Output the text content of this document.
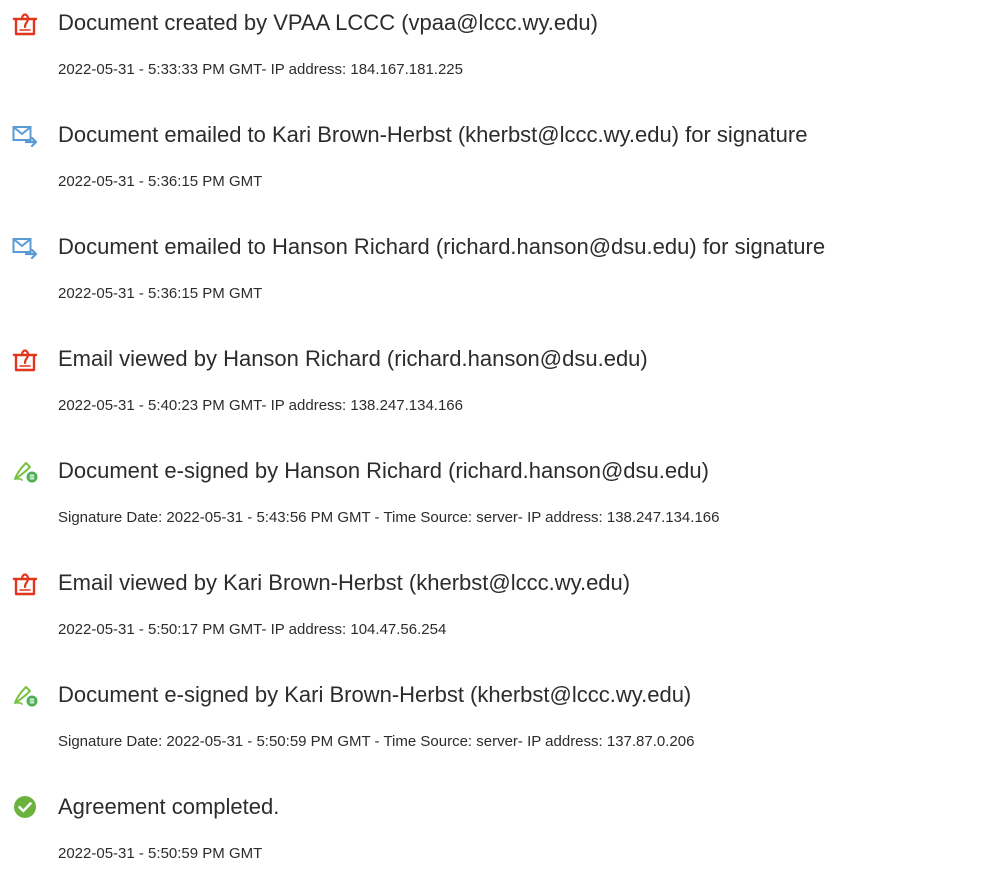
Document created by VPAA LCCC (vpaa@lccc.wy.edu)
2022-05-31 - 5:33:33 PM GMT- IP address: 184.167.181.225
Document emailed to Kari Brown-Herbst (kherbst@lccc.wy.edu) for signature
2022-05-31 - 5:36:15 PM GMT
Document emailed to Hanson Richard (richard.hanson@dsu.edu) for signature
2022-05-31 - 5:36:15 PM GMT
Email viewed by Hanson Richard (richard.hanson@dsu.edu)
2022-05-31 - 5:40:23 PM GMT- IP address: 138.247.134.166
Document e-signed by Hanson Richard (richard.hanson@dsu.edu)
Signature Date: 2022-05-31 - 5:43:56 PM GMT - Time Source: server- IP address: 138.247.134.166
Email viewed by Kari Brown-Herbst (kherbst@lccc.wy.edu)
2022-05-31 - 5:50:17 PM GMT- IP address: 104.47.56.254
Document e-signed by Kari Brown-Herbst (kherbst@lccc.wy.edu)
Signature Date: 2022-05-31 - 5:50:59 PM GMT - Time Source: server- IP address: 137.87.0.206
Agreement completed.
2022-05-31 - 5:50:59 PM GMT
